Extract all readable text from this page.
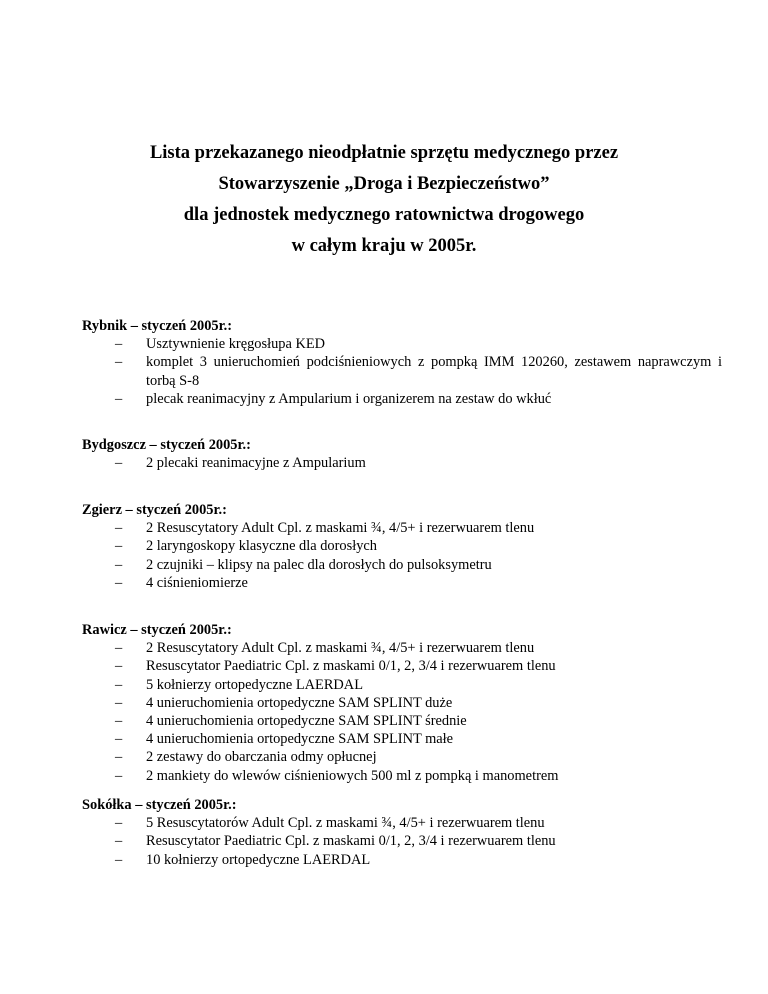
Lista przekazanego nieodpłatnie sprzętu medycznego przez
Stowarzyszenie „Droga i Bezpieczeństwo”
dla jednostek medycznego ratownictwa drogowego
w całym kraju w 2005r.
Rybnik – styczeń 2005r.:
– Usztywnienie kręgosłupa KED
– komplet 3 unieruchomień podciśnieniowych z pompką IMM 120260, zestawem naprawczym i torbą S-8
– plecak reanimacyjny z Ampularium i organizerem na zestaw do wkłuć
Bydgoszcz – styczeń 2005r.:
– 2 plecaki reanimacyjne z Ampularium
Zgierz – styczeń 2005r.:
– 2 Resuscytatory Adult Cpl. z maskami ¾, 4/5+ i rezerwuarem tlenu
– 2 laryngoskopy klasyczne dla dorosłych
– 2 czujniki – klipsy na palec dla dorosłych do pulsoksymetru
– 4 ciśnieniomierze
Rawicz – styczeń 2005r.:
– 2 Resuscytatory Adult Cpl. z maskami ¾, 4/5+ i rezerwuarem tlenu
– Resuscytator Paediatric Cpl. z maskami 0/1, 2, 3/4 i rezerwuarem tlenu
– 5 kołnierzy ortopedyczne LAERDAL
– 4 unieruchomienia ortopedyczne SAM SPLINT duże
– 4 unieruchomienia ortopedyczne SAM SPLINT średnie
– 4 unieruchomienia ortopedyczne SAM SPLINT małe
– 2 zestawy do obarczania odmy opłucnej
– 2 mankiety do wlewów ciśnieniowych 500 ml z pompką i manometrem
Sokółka – styczeń 2005r.:
– 5 Resuscytatorów Adult Cpl. z maskami ¾, 4/5+ i rezerwuarem tlenu
– Resuscytator Paediatric Cpl. z maskami 0/1, 2, 3/4 i rezerwuarem tlenu
– 10 kołnierzy ortopedyczne LAERDAL
